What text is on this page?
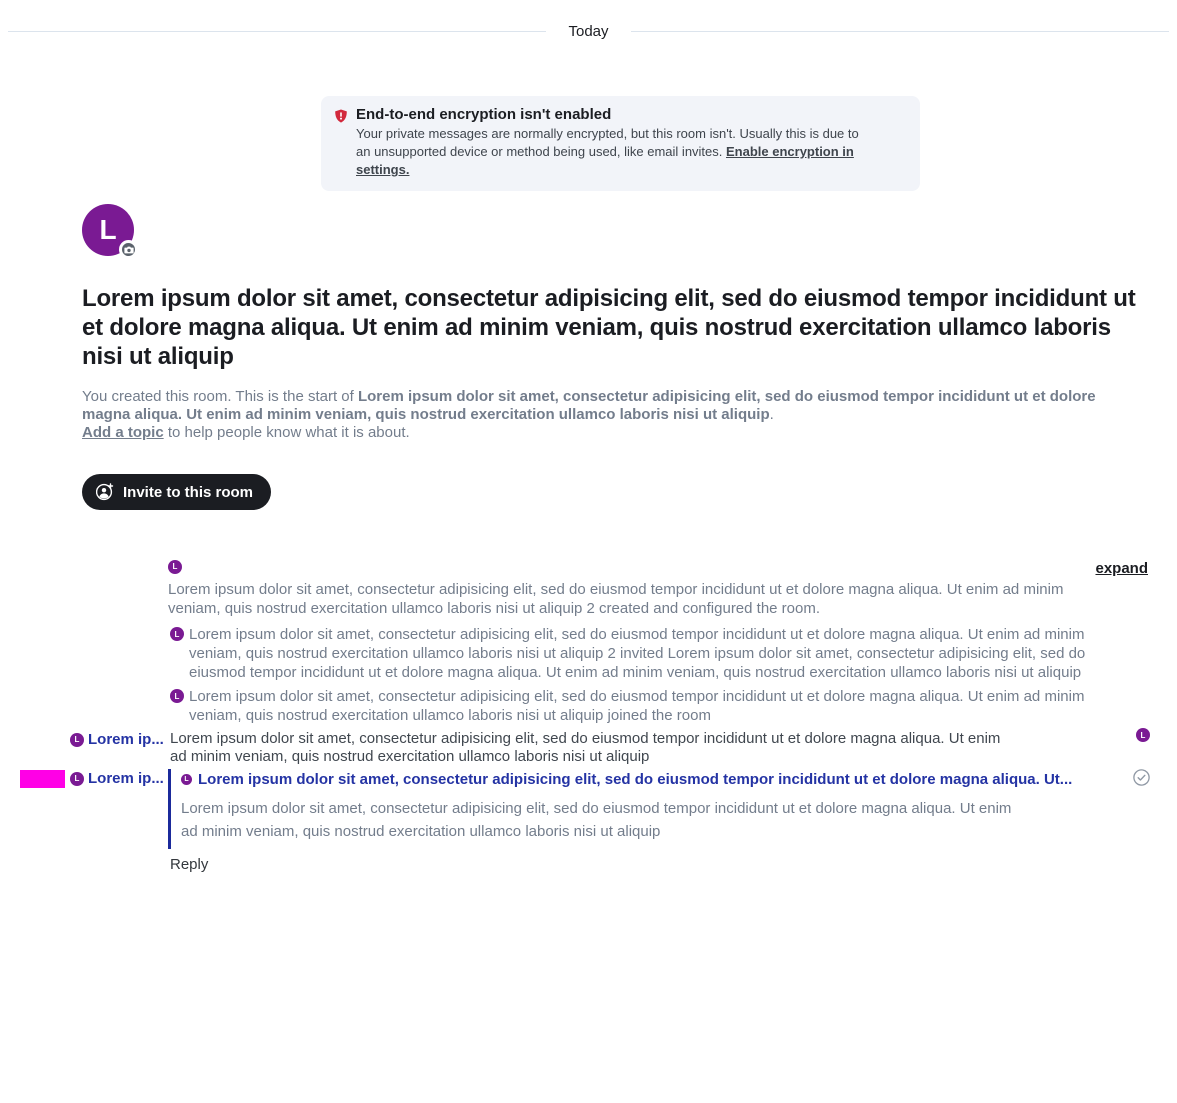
Today
End-to-end encryption isn't enabled
Your private messages are normally encrypted, but this room isn't. Usually this is due to an unsupported device or method being used, like email invites. Enable encryption in settings.
L
Lorem ipsum dolor sit amet, consectetur adipisicing elit, sed do eiusmod tempor incididunt ut et dolore magna aliqua. Ut enim ad minim veniam, quis nostrud exercitation ullamco laboris nisi ut aliquip

You created this room. This is the start of Lorem ipsum dolor sit amet, consectetur adipisicing elit, sed do eiusmod tempor incididunt ut et dolore magna aliqua. Ut enim ad minim veniam, quis nostrud exercitation ullamco laboris nisi ut aliquip.
Add a topic to help people know what it is about.

Invite to this room
expand
L
Lorem ipsum dolor sit amet, consectetur adipisicing elit, sed do eiusmod tempor incididunt ut et dolore magna aliqua. Ut enim ad minim veniam, quis nostrud exercitation ullamco laboris nisi ut aliquip 2 created and configured the room.
L Lorem ipsum dolor sit amet, consectetur adipisicing elit, sed do eiusmod tempor incididunt ut et dolore magna aliqua. Ut enim ad minim veniam, quis nostrud exercitation ullamco laboris nisi ut aliquip 2 invited Lorem ipsum dolor sit amet, consectetur adipisicing elit, sed do eiusmod tempor incididunt ut et dolore magna aliqua. Ut enim ad minim veniam, quis nostrud exercitation ullamco laboris nisi ut aliquip
L Lorem ipsum dolor sit amet, consectetur adipisicing elit, sed do eiusmod tempor incididunt ut et dolore magna aliqua. Ut enim ad minim veniam, quis nostrud exercitation ullamco laboris nisi ut aliquip joined the room
L Lorem ip... Lorem ipsum dolor sit amet, consectetur adipisicing elit, sed do eiusmod tempor incididunt ut et dolore magna aliqua. Ut enim ad minim veniam, quis nostrud exercitation ullamco laboris nisi ut aliquip
L
L Lorem ip...	L Lorem ipsum dolor sit amet, consectetur adipisicing elit, sed do eiusmod tempor incididunt ut et dolore magna aliqua. Ut...
Lorem ipsum dolor sit amet, consectetur adipisicing elit, sed do eiusmod tempor incididunt ut et dolore magna aliqua. Ut enim ad minim veniam, quis nostrud exercitation ullamco laboris nisi ut aliquip
Reply
